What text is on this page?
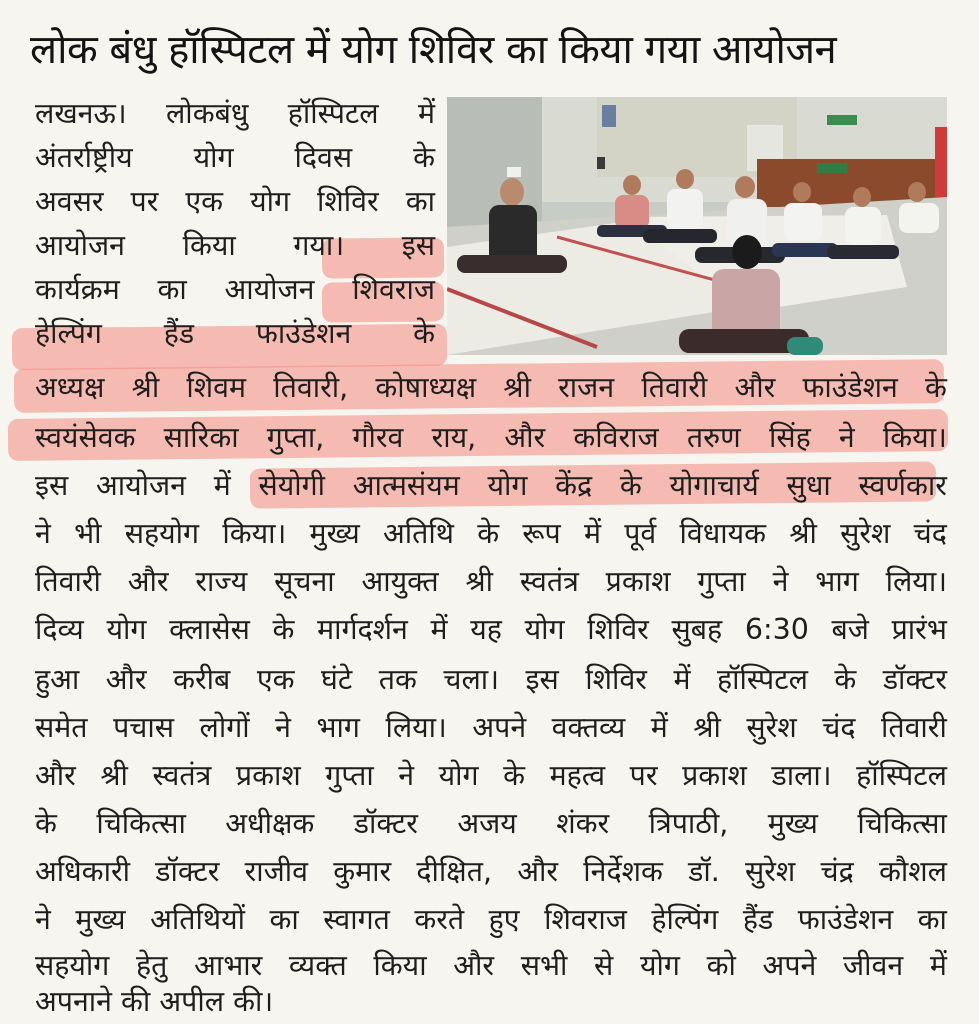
लोक बंधु हॉस्पिटल में योग शिविर का किया गया आयोजन
लखनऊ। लोकबंधु हॉस्पिटल में
अंतर्राष्ट्रीय योग दिवस के
अवसर पर एक योग शिविर का
आयोजन किया गया। इस
कार्यक्रम का आयोजन शिवराज
हेल्पिंग हैंड फाउंडेशन के
अध्यक्ष श्री शिवम तिवारी, कोषाध्यक्ष श्री राजन तिवारी और फाउंडेशन के
स्वयंसेवक सारिका गुप्ता, गौरव राय, और कविराज तरुण सिंह ने किया।
इस आयोजन में सेयोगी आत्मसंयम योग केंद्र के योगाचार्य सुधा स्वर्णकार
ने भी सहयोग किया। मुख्य अतिथि के रूप में पूर्व विधायक श्री सुरेश चंद
तिवारी और राज्य सूचना आयुक्त श्री स्वतंत्र प्रकाश गुप्ता ने भाग लिया।
दिव्य योग क्लासेस के मार्गदर्शन में यह योग शिविर सुबह 6:30 बजे प्रारंभ
हुआ और करीब एक घंटे तक चला। इस शिविर में हॉस्पिटल के डॉक्टर
समेत पचास लोगों ने भाग लिया। अपने वक्तव्य में श्री सुरेश चंद तिवारी
और श्री स्वतंत्र प्रकाश गुप्ता ने योग के महत्व पर प्रकाश डाला। हॉस्पिटल
के चिकित्सा अधीक्षक डॉक्टर अजय शंकर त्रिपाठी, मुख्य चिकित्सा
अधिकारी डॉक्टर राजीव कुमार दीक्षित, और निर्देशक डॉ. सुरेश चंद्र कौशल
ने मुख्य अतिथियों का स्वागत करते हुए शिवराज हेल्पिंग हैंड फाउंडेशन का
सहयोग हेतु आभार व्यक्त किया और सभी से योग को अपने जीवन में
अपनाने की अपील की।
